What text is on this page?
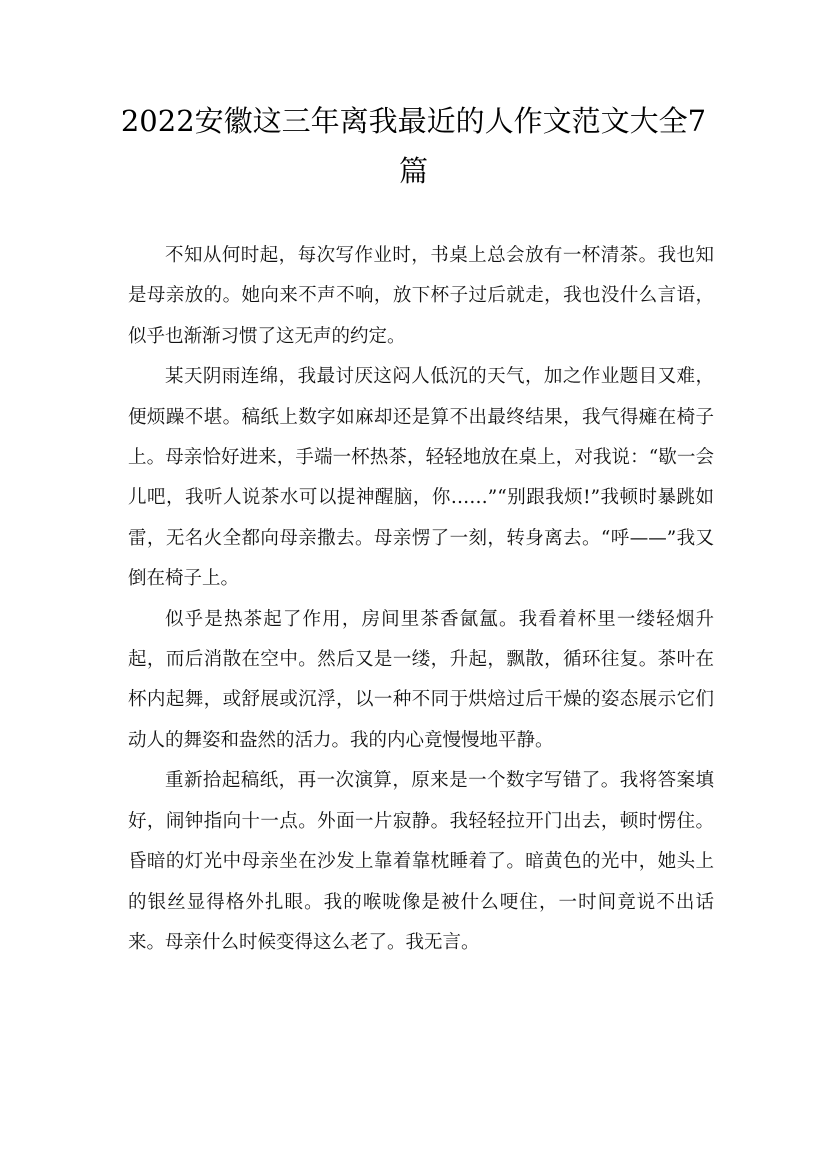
2022安徽这三年离我最近的人作文范文大全7篇

不知从何时起，每次写作业时，书桌上总会放有一杯清茶。我也知是母亲放的。她向来不声不响，放下杯子过后就走，我也没什么言语，似乎也渐渐习惯了这无声的约定。

某天阴雨连绵，我最讨厌这闷人低沉的天气，加之作业题目又难，便烦躁不堪。稿纸上数字如麻却还是算不出最终结果，我气得瘫在椅子上。母亲恰好进来，手端一杯热茶，轻轻地放在桌上，对我说：“歇一会儿吧，我听人说茶水可以提神醒脑，你……”“别跟我烦!”我顿时暴跳如雷，无名火全都向母亲撒去。母亲愣了一刻，转身离去。“呼——”我又倒在椅子上。

似乎是热茶起了作用，房间里茶香氤氲。我看着杯里一缕轻烟升起，而后消散在空中。然后又是一缕，升起，飘散，循环往复。茶叶在杯内起舞，或舒展或沉浮，以一种不同于烘焙过后干燥的姿态展示它们动人的舞姿和盎然的活力。我的内心竟慢慢地平静。

重新拾起稿纸，再一次演算，原来是一个数字写错了。我将答案填好，闹钟指向十一点。外面一片寂静。我轻轻拉开门出去，顿时愣住。昏暗的灯光中母亲坐在沙发上靠着靠枕睡着了。暗黄色的光中，她头上的银丝显得格外扎眼。我的喉咙像是被什么哽住，一时间竟说不出话来。母亲什么时候变得这么老了。我无言。
